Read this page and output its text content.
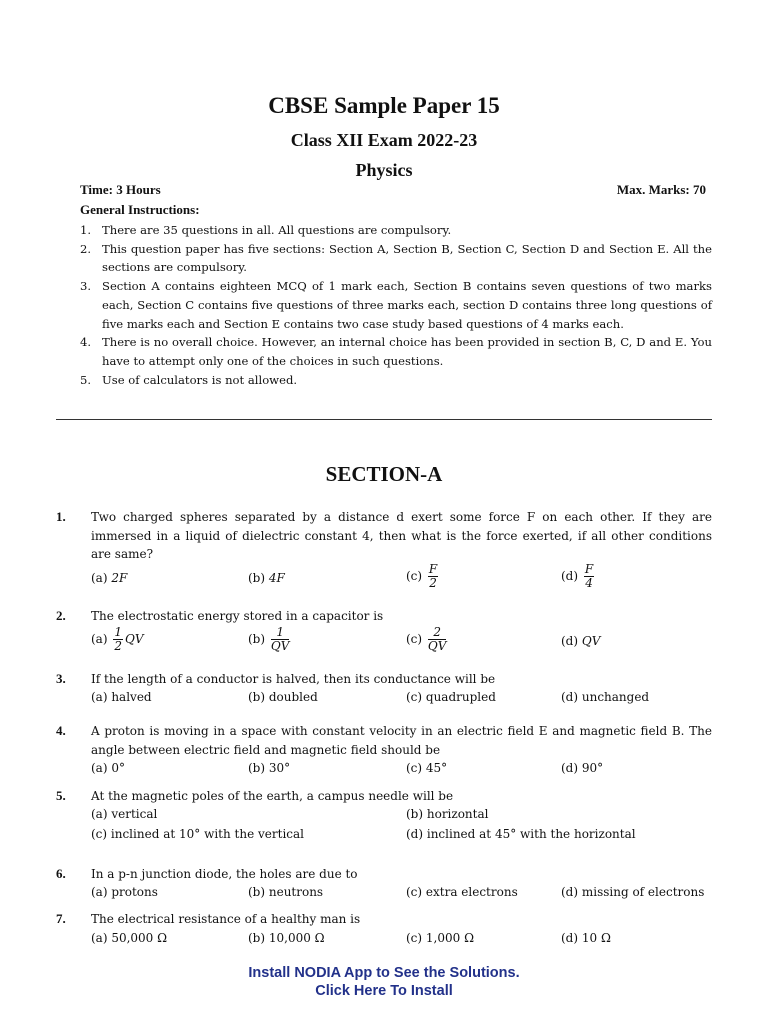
CBSE Sample Paper 15
Class XII Exam 2022-23
Physics
Time: 3 Hours	Max. Marks: 70
General Instructions:
1. There are 35 questions in all. All questions are compulsory.
2. This question paper has five sections: Section A, Section B, Section C, Section D and Section E. All the sections are compulsory.
3. Section A contains eighteen MCQ of 1 mark each, Section B contains seven questions of two marks each, Section C contains five questions of three marks each, section D contains three long questions of five marks each and Section E contains two case study based questions of 4 marks each.
4. There is no overall choice. However, an internal choice has been provided in section B, C, D and E. You have to attempt only one of the choices in such questions.
5. Use of calculators is not allowed.
SECTION-A
1. Two charged spheres separated by a distance d exert some force F on each other. If they are immersed in a liquid of dielectric constant 4, then what is the force exerted, if all other conditions are same?
(a) 2F	(b) 4F	$(c) \frac{F}{2}$	$(d) \frac{F}{4}$
2. The electrostatic energy stored in a capacitor is
$(a) \frac{1}{2}$ QV	$(b) \frac{1}{QV}$	$(c) \frac{2}{QV}$	(d) QV
3. If the length of a conductor is halved, then its conductance will be
(a) halved	(b) doubled	(c) quadrupled	(d) unchanged
4. A proton is moving in a space with constant velocity in an electric field E and magnetic field B. The angle between electric field and magnetic field should be
(a) 0°	(b) 30°	(c) 45°	(d) 90°
5. At the magnetic poles of the earth, a campus needle will be
(a) vertical	(b) horizontal
(c) inclined at 10° with the vertical	(d) inclined at 45° with the horizontal
6. In a p-n junction diode, the holes are due to
(a) protons	(b) neutrons	(c) extra electrons	(d) missing of electrons
7. The electrical resistance of a healthy man is
(a) 50,000 Ω	(b) 10,000 Ω	(c) 1,000 Ω	(d) 10 Ω
Install NODIA App to See the Solutions.
Click Here To Install
